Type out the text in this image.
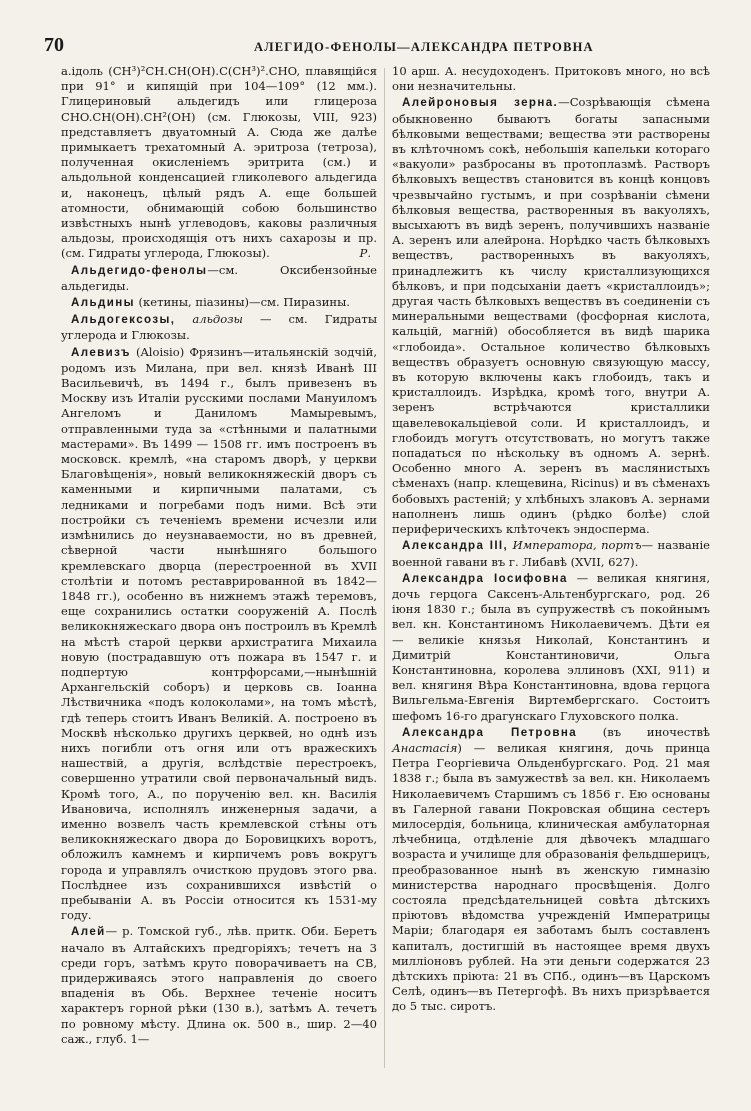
70	АЛЕГИДО-ФЕНОЛЫ—АЛЕКСАНДРА ПЕТРОВНА

а.ідоль (CH³)²CH.CH(OH).C(CH³)².CHO, плавящійся при 91° и кипящій при 104—109° (12 мм.). Глицериновый альдегидъ или глицероза CHO.CH(OH).CH²(OH) (см. Глюкозы, VIII, 923) представляетъ двуатомный А. Сюда же далѣе примыкаетъ трехатомный А. эритроза (тетроза), полученная окисленіемъ эритрита (см.) и альдольной конденсацией гликолевого альдегида и, наконецъ, цѣлый рядъ А. еще большей атомности, обнимающій собою большинство извѣстныхъ нынѣ углеводовъ, каковы различныя альдозы, происходящія отъ нихъ сахарозы и пр. (см. Гидраты углерода, Глюкозы).	Р.

Альдегидо-фенолы—см. Оксибензойные альдегиды.

Альдины (кетины, піазины)—см. Пиразины.

Альдогексозы, альдозы — см. Гидраты углерода и Глюкозы.

Алевизъ (Aloisio) Фрязинъ—итальянскій зодчій, родомъ изъ Милана, при вел. князѣ Иванѣ III Васильевичѣ, въ 1494 г., былъ привезенъ въ Москву изъ Италіи русскими послами Мануиломъ Ангеломъ и Даниломъ Мамыревымъ, отправленными туда за «стѣнными и палатными мастерами». Въ 1499 — 1508 гг. имъ построенъ въ московск. кремлѣ, «на старомъ дворѣ, у церкви Благовѣщенія», новый великокняжескій дворъ съ каменными и кирпичными палатами, съ ледниками и погребами подъ ними. Всѣ эти постройки съ теченіемъ времени исчезли или измѣнились до неузнаваемости, но въ древней, сѣверной части нынѣшняго большого кремлевскаго дворца (перестроенной въ XVII столѣтіи и потомъ реставрированной въ 1842—1848 гг.), особенно въ нижнемъ этажѣ теремовъ, еще сохранились остатки сооруженій А. Послѣ великокняжескаго двора онъ построилъ въ Кремлѣ на мѣстѣ старой церкви архистратига Михаила новую (пострадавшую отъ пожара въ 1547 г. и подпертую контрфорсами,—нынѣшній Архангельскій соборъ) и церковь св. Іоанна Лѣствичника «подъ колоколами», на томъ мѣстѣ, гдѣ теперь стоитъ Иванъ Великій. А. построено въ Москвѣ нѣсколько другихъ церквей, но однѣ изъ нихъ погибли отъ огня или отъ вражескихъ нашествій, а другія, вслѣдствіе перестроекъ, совершенно утратили свой первоначальный видъ. Кромѣ того, А., по порученію вел. кн. Василія Ивановича, исполнялъ инженерныя задачи, а именно возвелъ часть кремлевской стѣны отъ великокняжескаго двора до Боровицкихъ воротъ, обложилъ камнемъ и кирпичемъ ровъ вокругъ города и управлялъ очисткою прудовъ этого рва. Послѣднее изъ сохранившихся извѣстій о пребываніи А. въ Россіи относится къ 1531-му году.

Алей— р. Томской губ., лѣв. притк. Оби. Беретъ начало въ Алтайскихъ предгоріяхъ; течетъ на 3 среди горъ, затѣмъ круто поворачиваетъ на СВ, придерживаясь этого направленія до своего впаденія въ Обь. Верхнее теченіе носитъ характеръ горной рѣки (130 в.), затѣмъ А. течетъ по ровному мѣсту. Длина ок. 500 в., шир. 2—40 саж., глуб. 1—

10 арш. А. несудоходенъ. Притоковъ много, но всѣ они незначительны.

Алейроновыя зерна.—Созрѣвающія сѣмена обыкновенно бываютъ богаты запасными бѣлковыми веществами; вещества эти растворены въ клѣточномъ сокѣ, небольшія капельки котораго «вакуоли» разбросаны въ протоплазмѣ. Растворъ бѣлковыхъ веществъ становится въ концѣ концовъ чрезвычайно густымъ, и при созрѣваніи сѣмени бѣлковыя вещества, растворенныя въ вакуоляхъ, высыхаютъ въ видѣ зеренъ, получившихъ названіе А. зеренъ или алейрона. Норѣдко часть бѣлковыхъ веществъ, растворенныхъ въ вакуоляхъ, принадлежитъ къ числу кристаллизующихся бѣлковъ, и при подсыханіи даетъ «кристаллоидъ»; другая часть бѣлковыхъ веществъ въ соединеніи съ минеральными веществами (фосфорная кислота, кальцій, магній) обособляется въ видѣ шарика «глобоида». Остальное количество бѣлковыхъ веществъ образуетъ основную связующую массу, въ которую включены какъ глобоидъ, такъ и кристаллоидъ. Изрѣдка, кромѣ того, внутри А. зеренъ встрѣчаются кристаллики щавелевокальціевой соли. И кристаллоидъ, и глобоидъ могутъ отсутствовать, но могутъ также попадаться по нѣскольку въ одномъ А. зернѣ. Особенно много А. зеренъ въ маслянистыхъ сѣменахъ (напр. клещевина, Ricinus) и въ сѣменахъ бобовыхъ растеній; у хлѣбныхъ злаковъ А. зернами наполненъ лишь одинъ (рѣдко болѣе) слой периферическихъ клѣточекъ эндосперма.

Александра III, Императора, портъ— названіе военной гавани въ г. Либавѣ (XVII, 627).

Александра Іосифовна — великая княгиня, дочь герцога Саксенъ-Альтенбургскаго, род. 26 іюня 1830 г.; была въ супружествѣ съ покойнымъ вел. кн. Константиномъ Николаевичемъ. Дѣти ея — великіе князья Николай, Константинъ и Димитрій Константиновичи, Ольга Константиновна, королева эллиновъ (XXI, 911) и вел. княгиня Вѣра Константиновна, вдова герцога Вильгельма-Евгенія Виртембергскаго. Состоитъ шефомъ 16-го драгунскаго Глуховского полка.

Александра Петровна (въ иночествѣ Анастасія) — великая княгиня, дочь принца Петра Георгіевича Ольденбургскаго. Род. 21 мая 1838 г.; была въ замужествѣ за вел. кн. Николаемъ Николаевичемъ Старшимъ съ 1856 г. Ею основаны въ Галерной гавани Покровская община сестеръ милосердія, больница, клиническая амбулаторная лѣчебница, отдѣленіе для дѣвочекъ младшаго возраста и училище для образованія фельдшерицъ, преобразованное нынѣ въ женскую гимназію министерства народнаго просвѣщенія. Долго состояла предсѣдательницей совѣта дѣтскихъ пріютовъ вѣдомства учрежденій Императрицы Маріи; благодаря ея заботамъ былъ составленъ капиталъ, достигшій въ настоящее время двухъ милліоновъ рублей. На эти деньги содержатся 23 дѣтскихъ пріюта: 21 въ СПб., одинъ—въ Царскомъ Селѣ, одинъ—въ Петергофѣ. Въ нихъ призрѣвается до 5 тыс. сиротъ.
